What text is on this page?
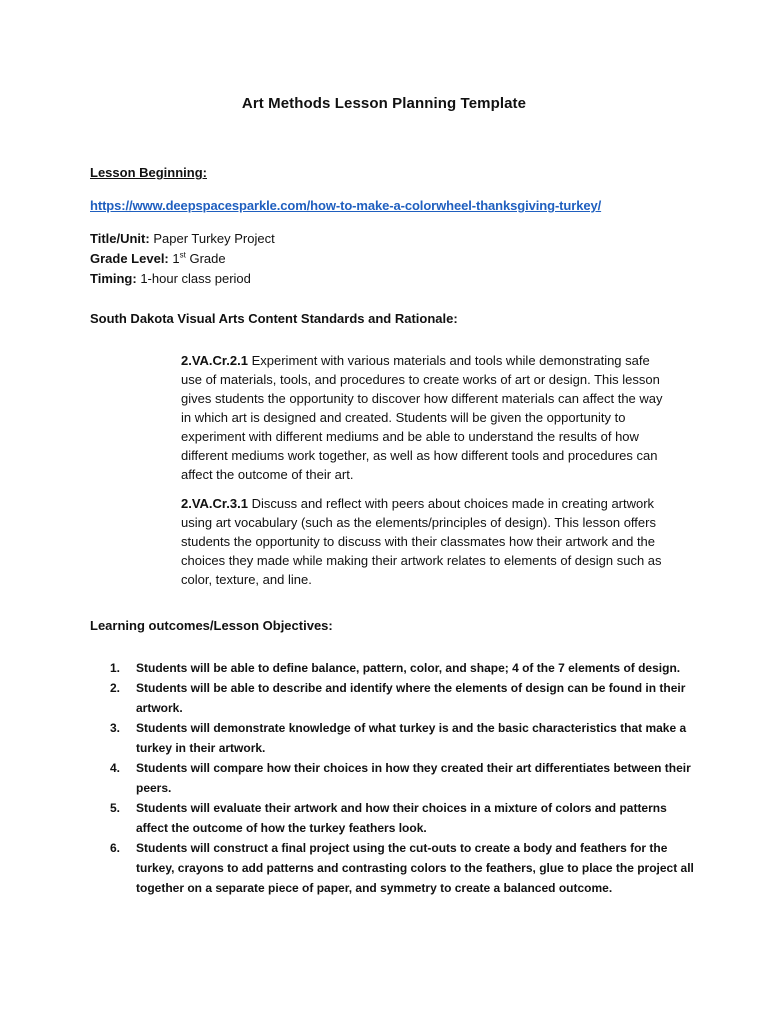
Art Methods Lesson Planning Template
Lesson Beginning:
https://www.deepspacesparkle.com/how-to-make-a-colorwheel-thanksgiving-turkey/
Title/Unit: Paper Turkey Project
Grade Level: 1st Grade
Timing: 1-hour class period
South Dakota Visual Arts Content Standards and Rationale:
2.VA.Cr.2.1 Experiment with various materials and tools while demonstrating safe use of materials, tools, and procedures to create works of art or design. This lesson gives students the opportunity to discover how different materials can affect the way in which art is designed and created. Students will be given the opportunity to experiment with different mediums and be able to understand the results of how different mediums work together, as well as how different tools and procedures can affect the outcome of their art.
2.VA.Cr.3.1 Discuss and reflect with peers about choices made in creating artwork using art vocabulary (such as the elements/principles of design). This lesson offers students the opportunity to discuss with their classmates how their artwork and the choices they made while making their artwork relates to elements of design such as color, texture, and line.
Learning outcomes/Lesson Objectives:
1.	Students will be able to define balance, pattern, color, and shape; 4 of the 7 elements of design.
2.	Students will be able to describe and identify where the elements of design can be found in their artwork.
3.	Students will demonstrate knowledge of what turkey is and the basic characteristics that make a turkey in their artwork.
4.	Students will compare how their choices in how they created their art differentiates between their peers.
5.	Students will evaluate their artwork and how their choices in a mixture of colors and patterns affect the outcome of how the turkey feathers look.
6.	Students will construct a final project using the cut-outs to create a body and feathers for the turkey, crayons to add patterns and contrasting colors to the feathers, glue to place the project all together on a separate piece of paper, and symmetry to create a balanced outcome.
